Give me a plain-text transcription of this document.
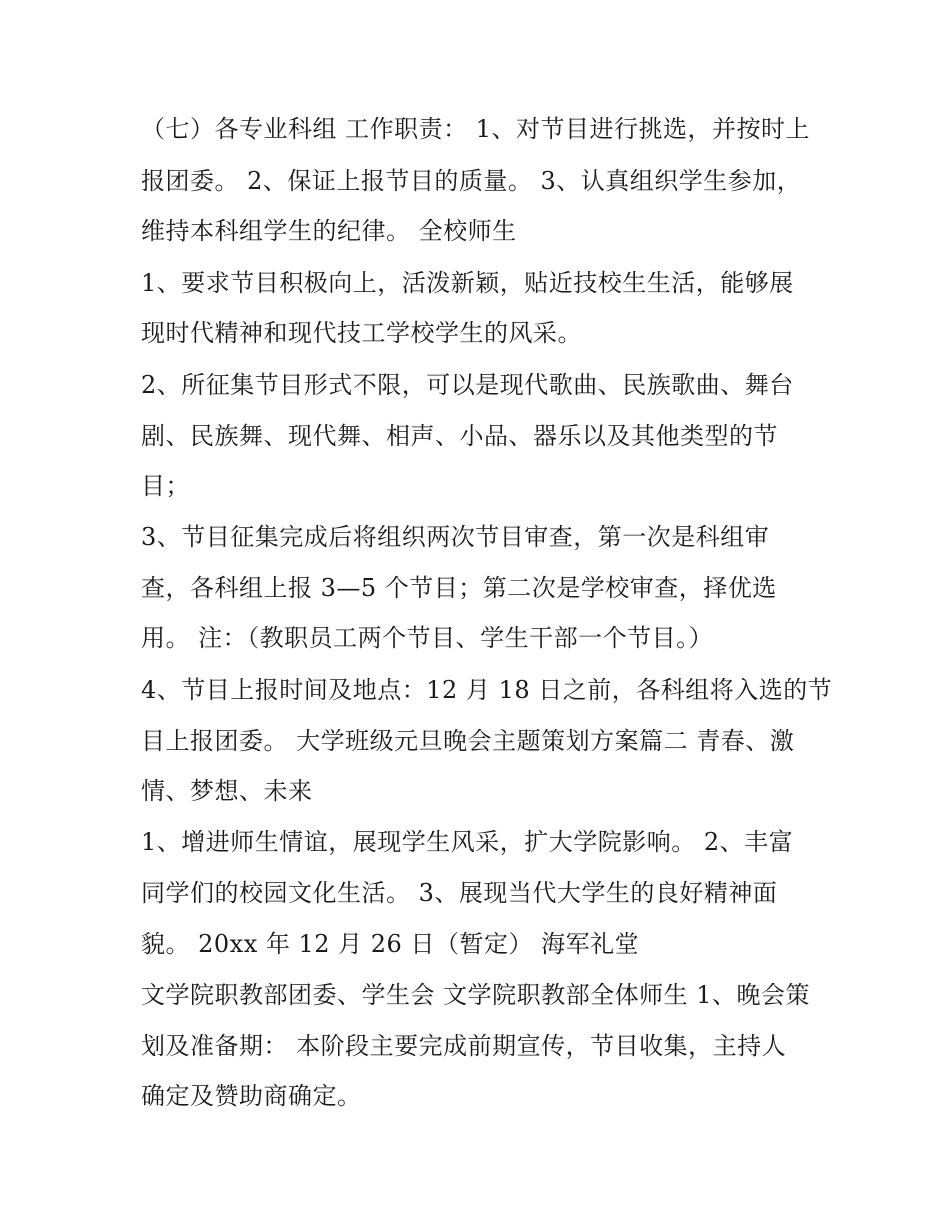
（七）各专业科组 工作职责： 1、对节目进行挑选，并按时上
报团委。 2、保证上报节目的质量。 3、认真组织学生参加，
维持本科组学生的纪律。 全校师生
1、要求节目积极向上，活泼新颖，贴近技校生生活，能够展
现时代精神和现代技工学校学生的风采。
2、所征集节目形式不限，可以是现代歌曲、民族歌曲、舞台
剧、民族舞、现代舞、相声、小品、器乐以及其他类型的节
目；
3、节目征集完成后将组织两次节目审查，第一次是科组审
查，各科组上报 3—5 个节目；第二次是学校审查，择优选
用。 注：（教职员工两个节目、学生干部一个节目。）
4、节目上报时间及地点：12 月 18 日之前，各科组将入选的节
目上报团委。 大学班级元旦晚会主题策划方案篇二 青春、激
情、梦想、未来
1、增进师生情谊，展现学生风采，扩大学院影响。 2、丰富
同学们的校园文化生活。 3、展现当代大学生的良好精神面
貌。 20xx 年 12 月 26 日（暂定） 海军礼堂
文学院职教部团委、学生会 文学院职教部全体师生 1、晚会策
划及准备期： 本阶段主要完成前期宣传，节目收集，主持人
确定及赞助商确定。
